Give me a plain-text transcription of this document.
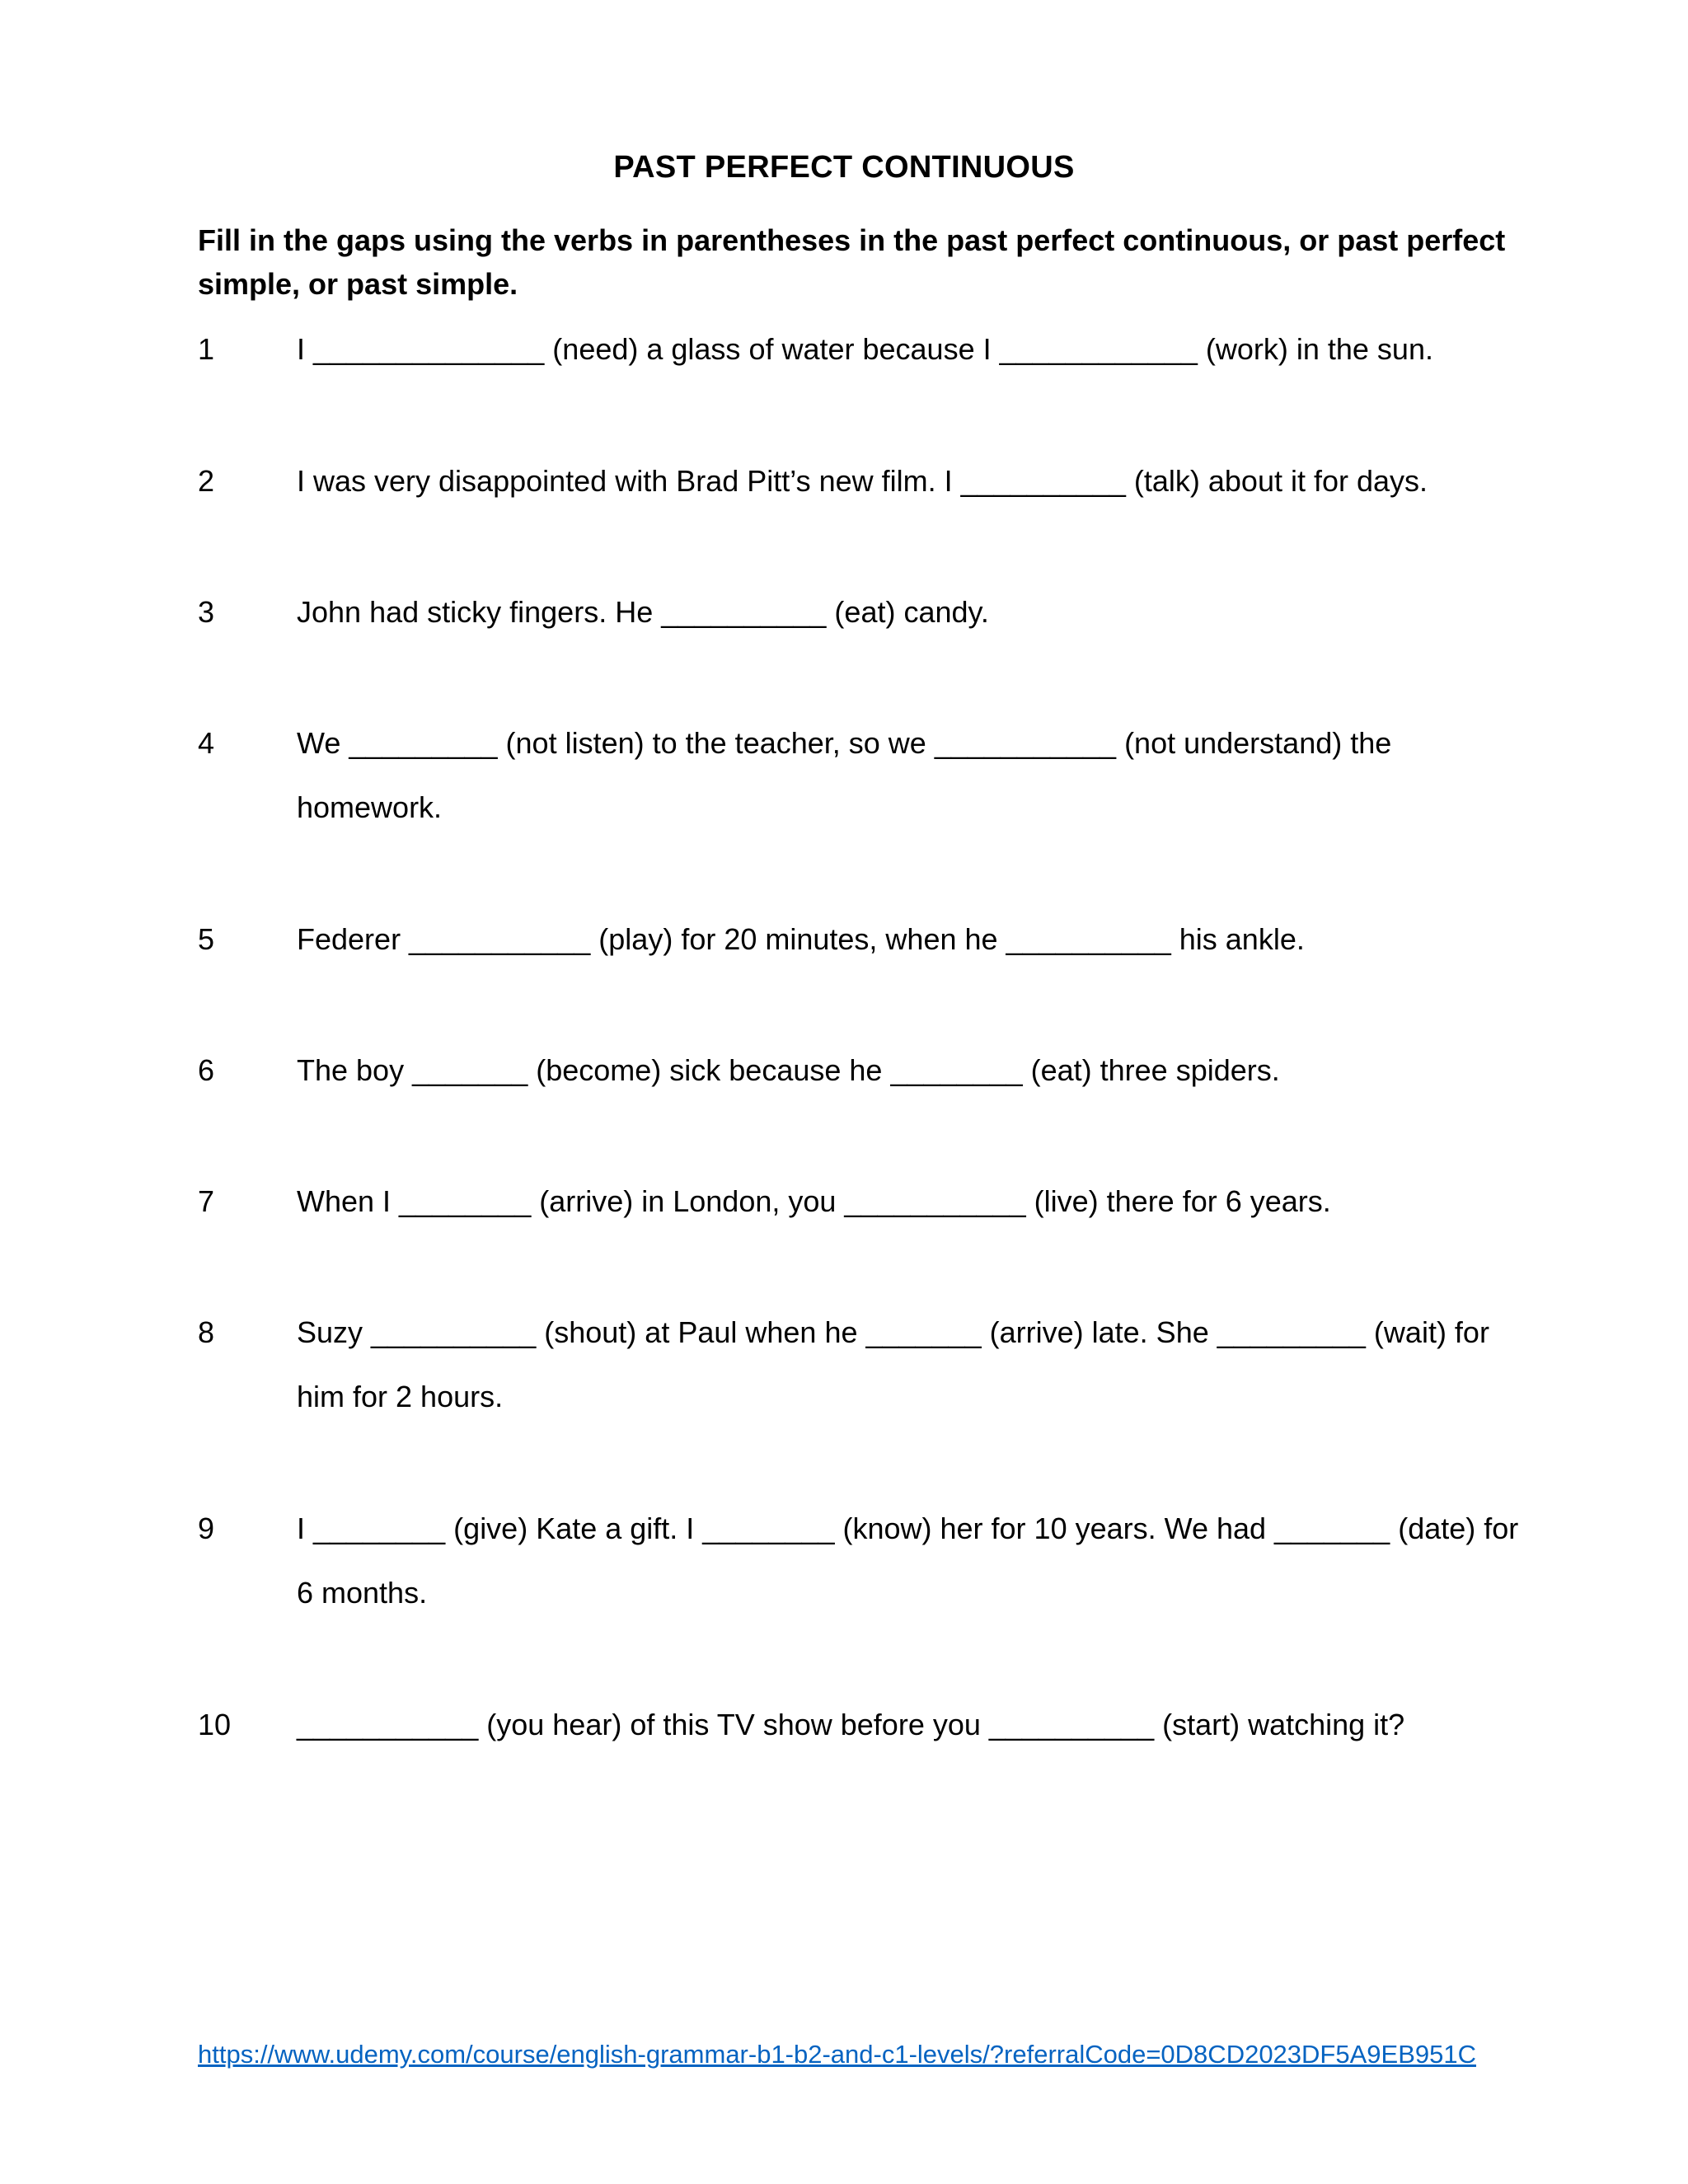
PAST PERFECT CONTINUOUS

Fill in the gaps using the verbs in parentheses in the past perfect continuous, or past perfect simple, or past simple.

1	I ______________ (need) a glass of water because I ____________ (work) in the sun.
2	I was very disappointed with Brad Pitt’s new film. I __________ (talk) about it for days.
3	John had sticky fingers. He __________ (eat) candy.
4	We _________ (not listen) to the teacher, so we ___________ (not understand) the homework.
5	Federer ___________ (play) for 20 minutes, when he __________ his ankle.
6	The boy _______ (become) sick because he ________ (eat) three spiders.
7	When I ________ (arrive) in London, you ___________ (live) there for 6 years.
8	Suzy __________ (shout) at Paul when he _______ (arrive) late. She _________ (wait) for him for 2 hours.
9	I ________ (give) Kate a gift. I ________ (know) her for 10 years. We had _______ (date) for 6 months.
10	___________ (you hear) of this TV show before you __________ (start) watching it?
https://www.udemy.com/course/english-grammar-b1-b2-and-c1-levels/?referralCode=0D8CD2023DF5A9EB951C
